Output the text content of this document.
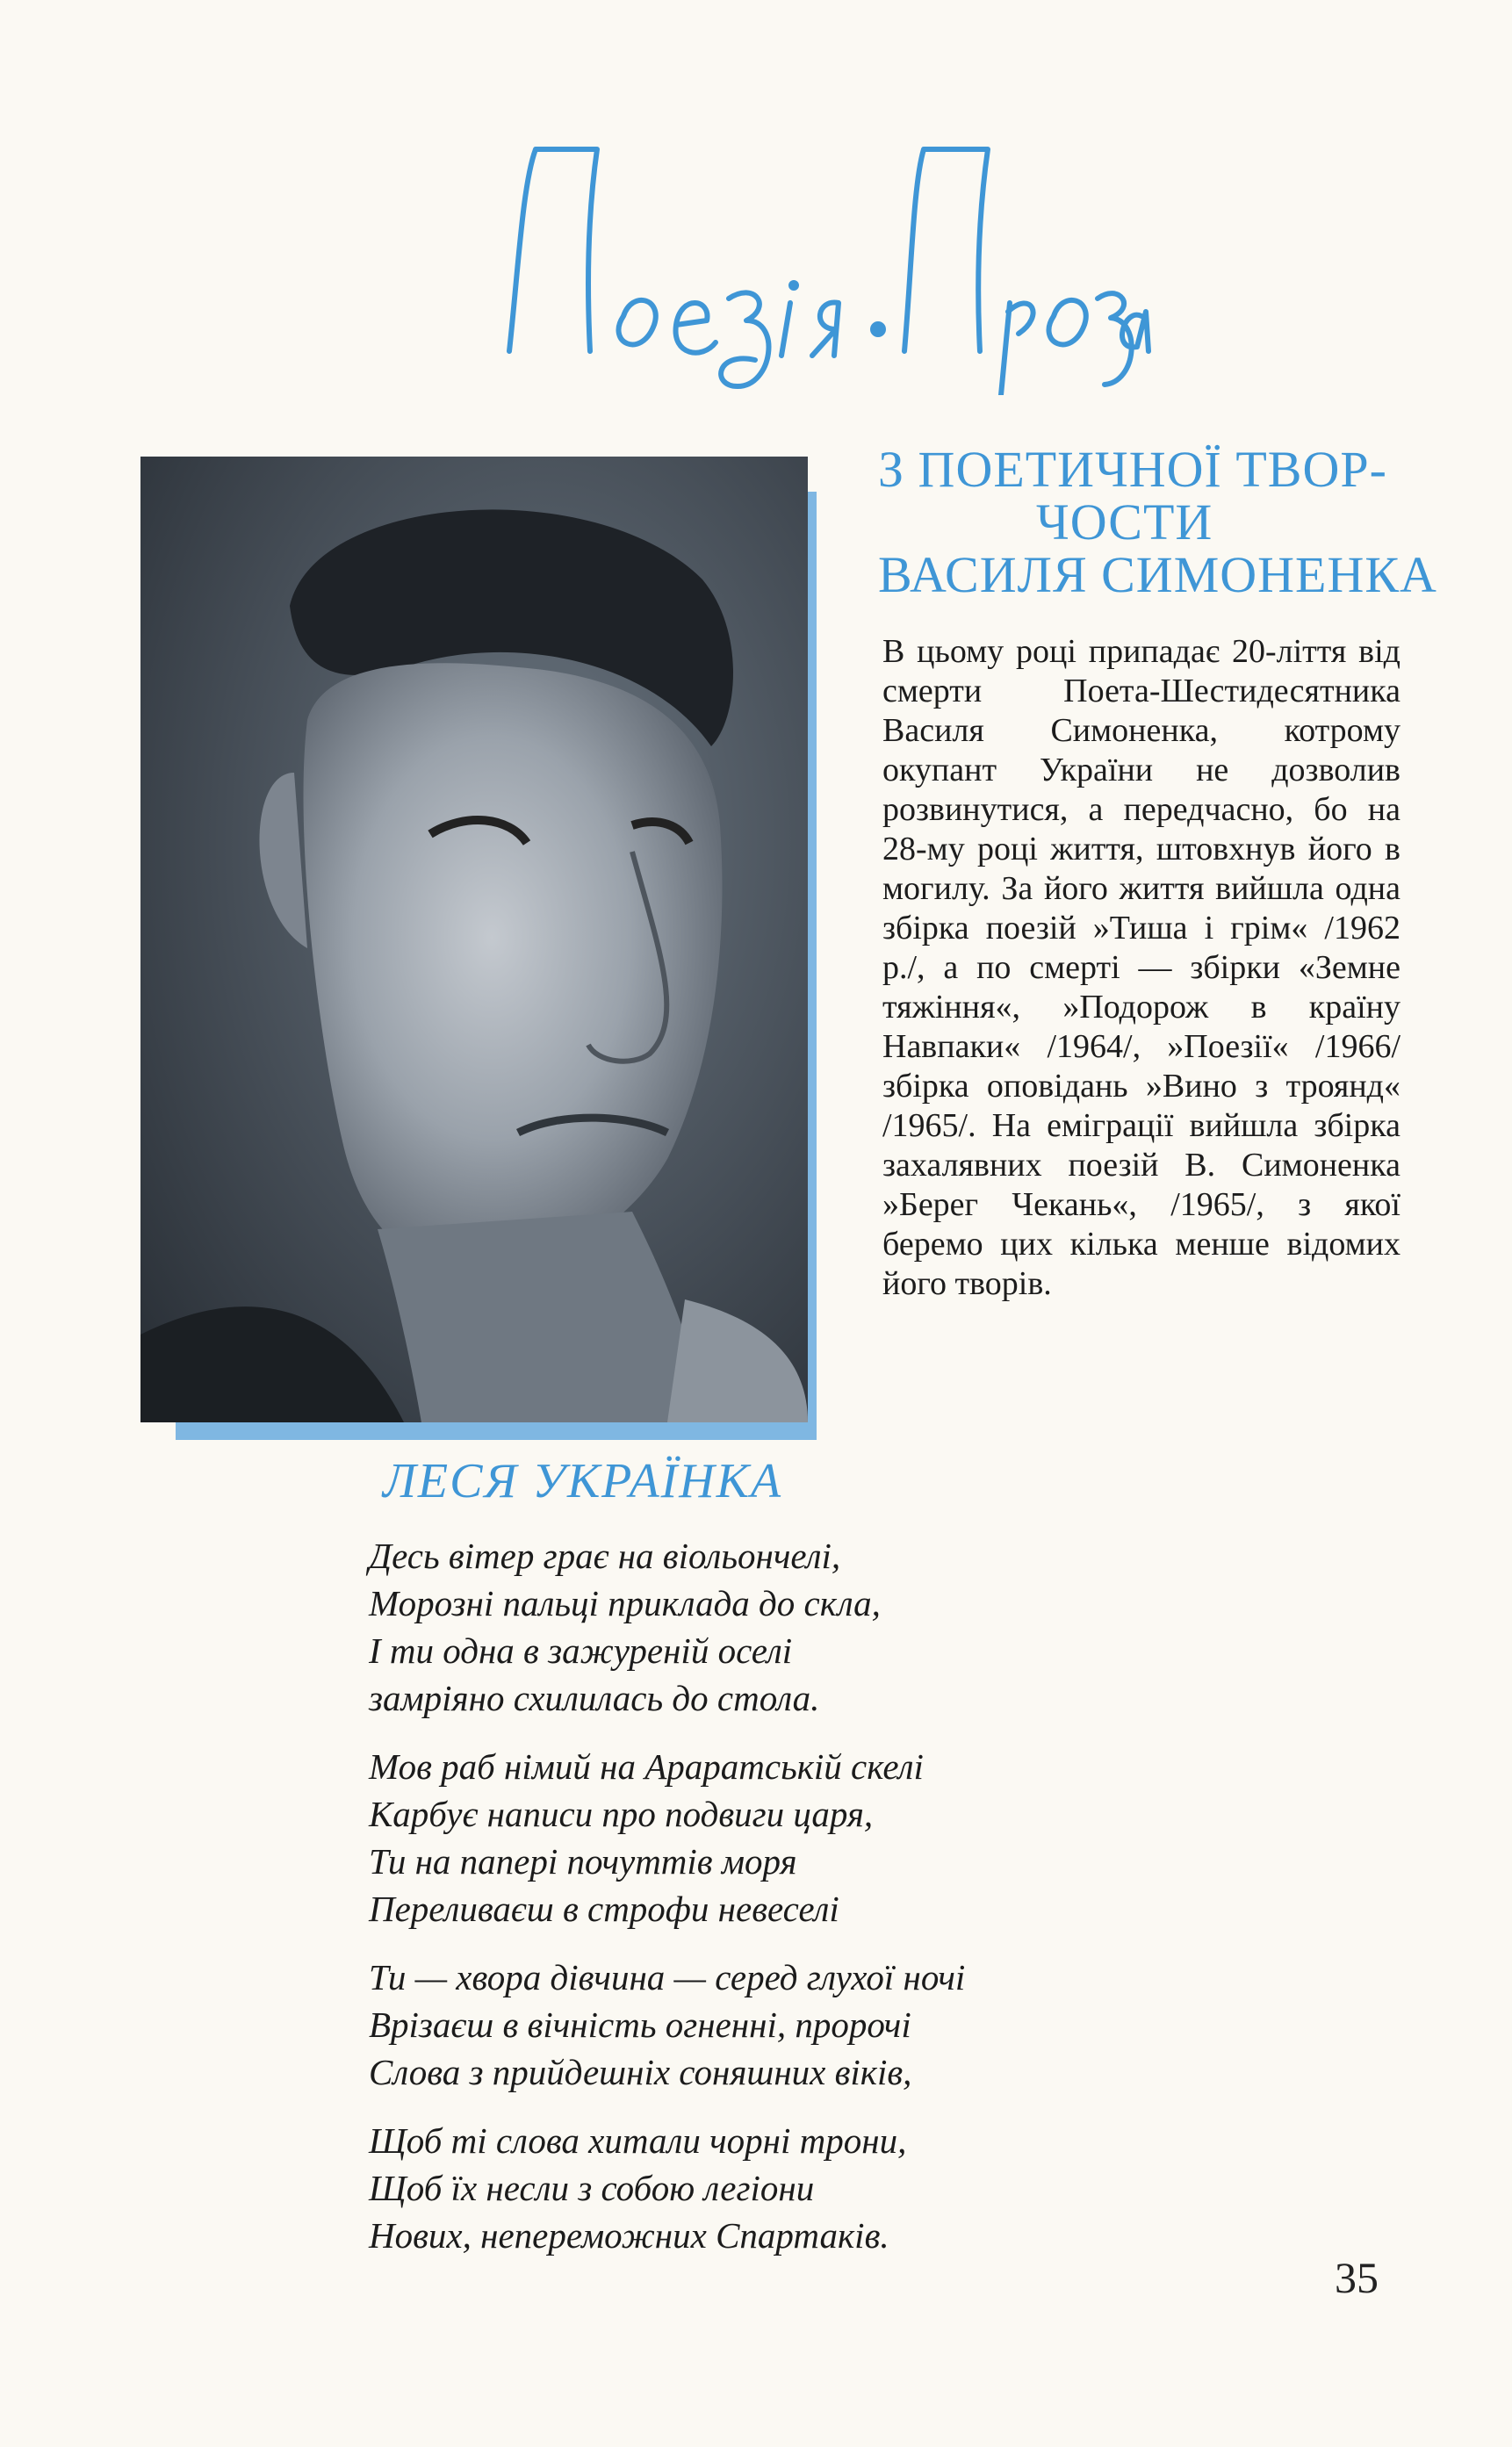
З ПОЕТИЧНОЇ ТВОР-
ЧОСТИ
ВАСИЛЯ СИМОНЕНКА
В цьому році припадає 20-ліття від смерти Поета-Шестидесятника Василя Симоненка, котрому окупант України не дозволив розвинутися, а передчасно, бо на 28-му році життя, штовхнув його в могилу. За його життя вийшла одна збірка поезій »Тиша і грім« /1962 р./, а по смерті — збірки «Земне тяжіння«, »Подорож в країну Навпаки« /1964/, »Поезії« /1966/ збірка оповідань »Вино з троянд« /1965/. На еміграції вийшла збірка захалявних поезій В. Симоненка »Берег Чекань«, /1965/, з якої беремо цих кілька менше відомих його творів.
ЛЕСЯ УКРАЇНКА
Десь вітер грає на віольончелі,
Морозні пальці приклада до скла,
І ти одна в зажуреній оселі
замріяно схилилась до стола.
Мов раб німий на Араратській скелі
Карбує написи про подвиги царя,
Ти на папері почуттів моря
Переливаєш в строфи невеселі
Ти — хвора дівчина — серед глухої ночі
Врізаєш в вічність огненні, пророчі
Слова з прийдешніх соняшних віків,
Щоб ті слова хитали чорні трони,
Щоб їх несли з собою легіони
Нових, непереможних Спартаків.
35
